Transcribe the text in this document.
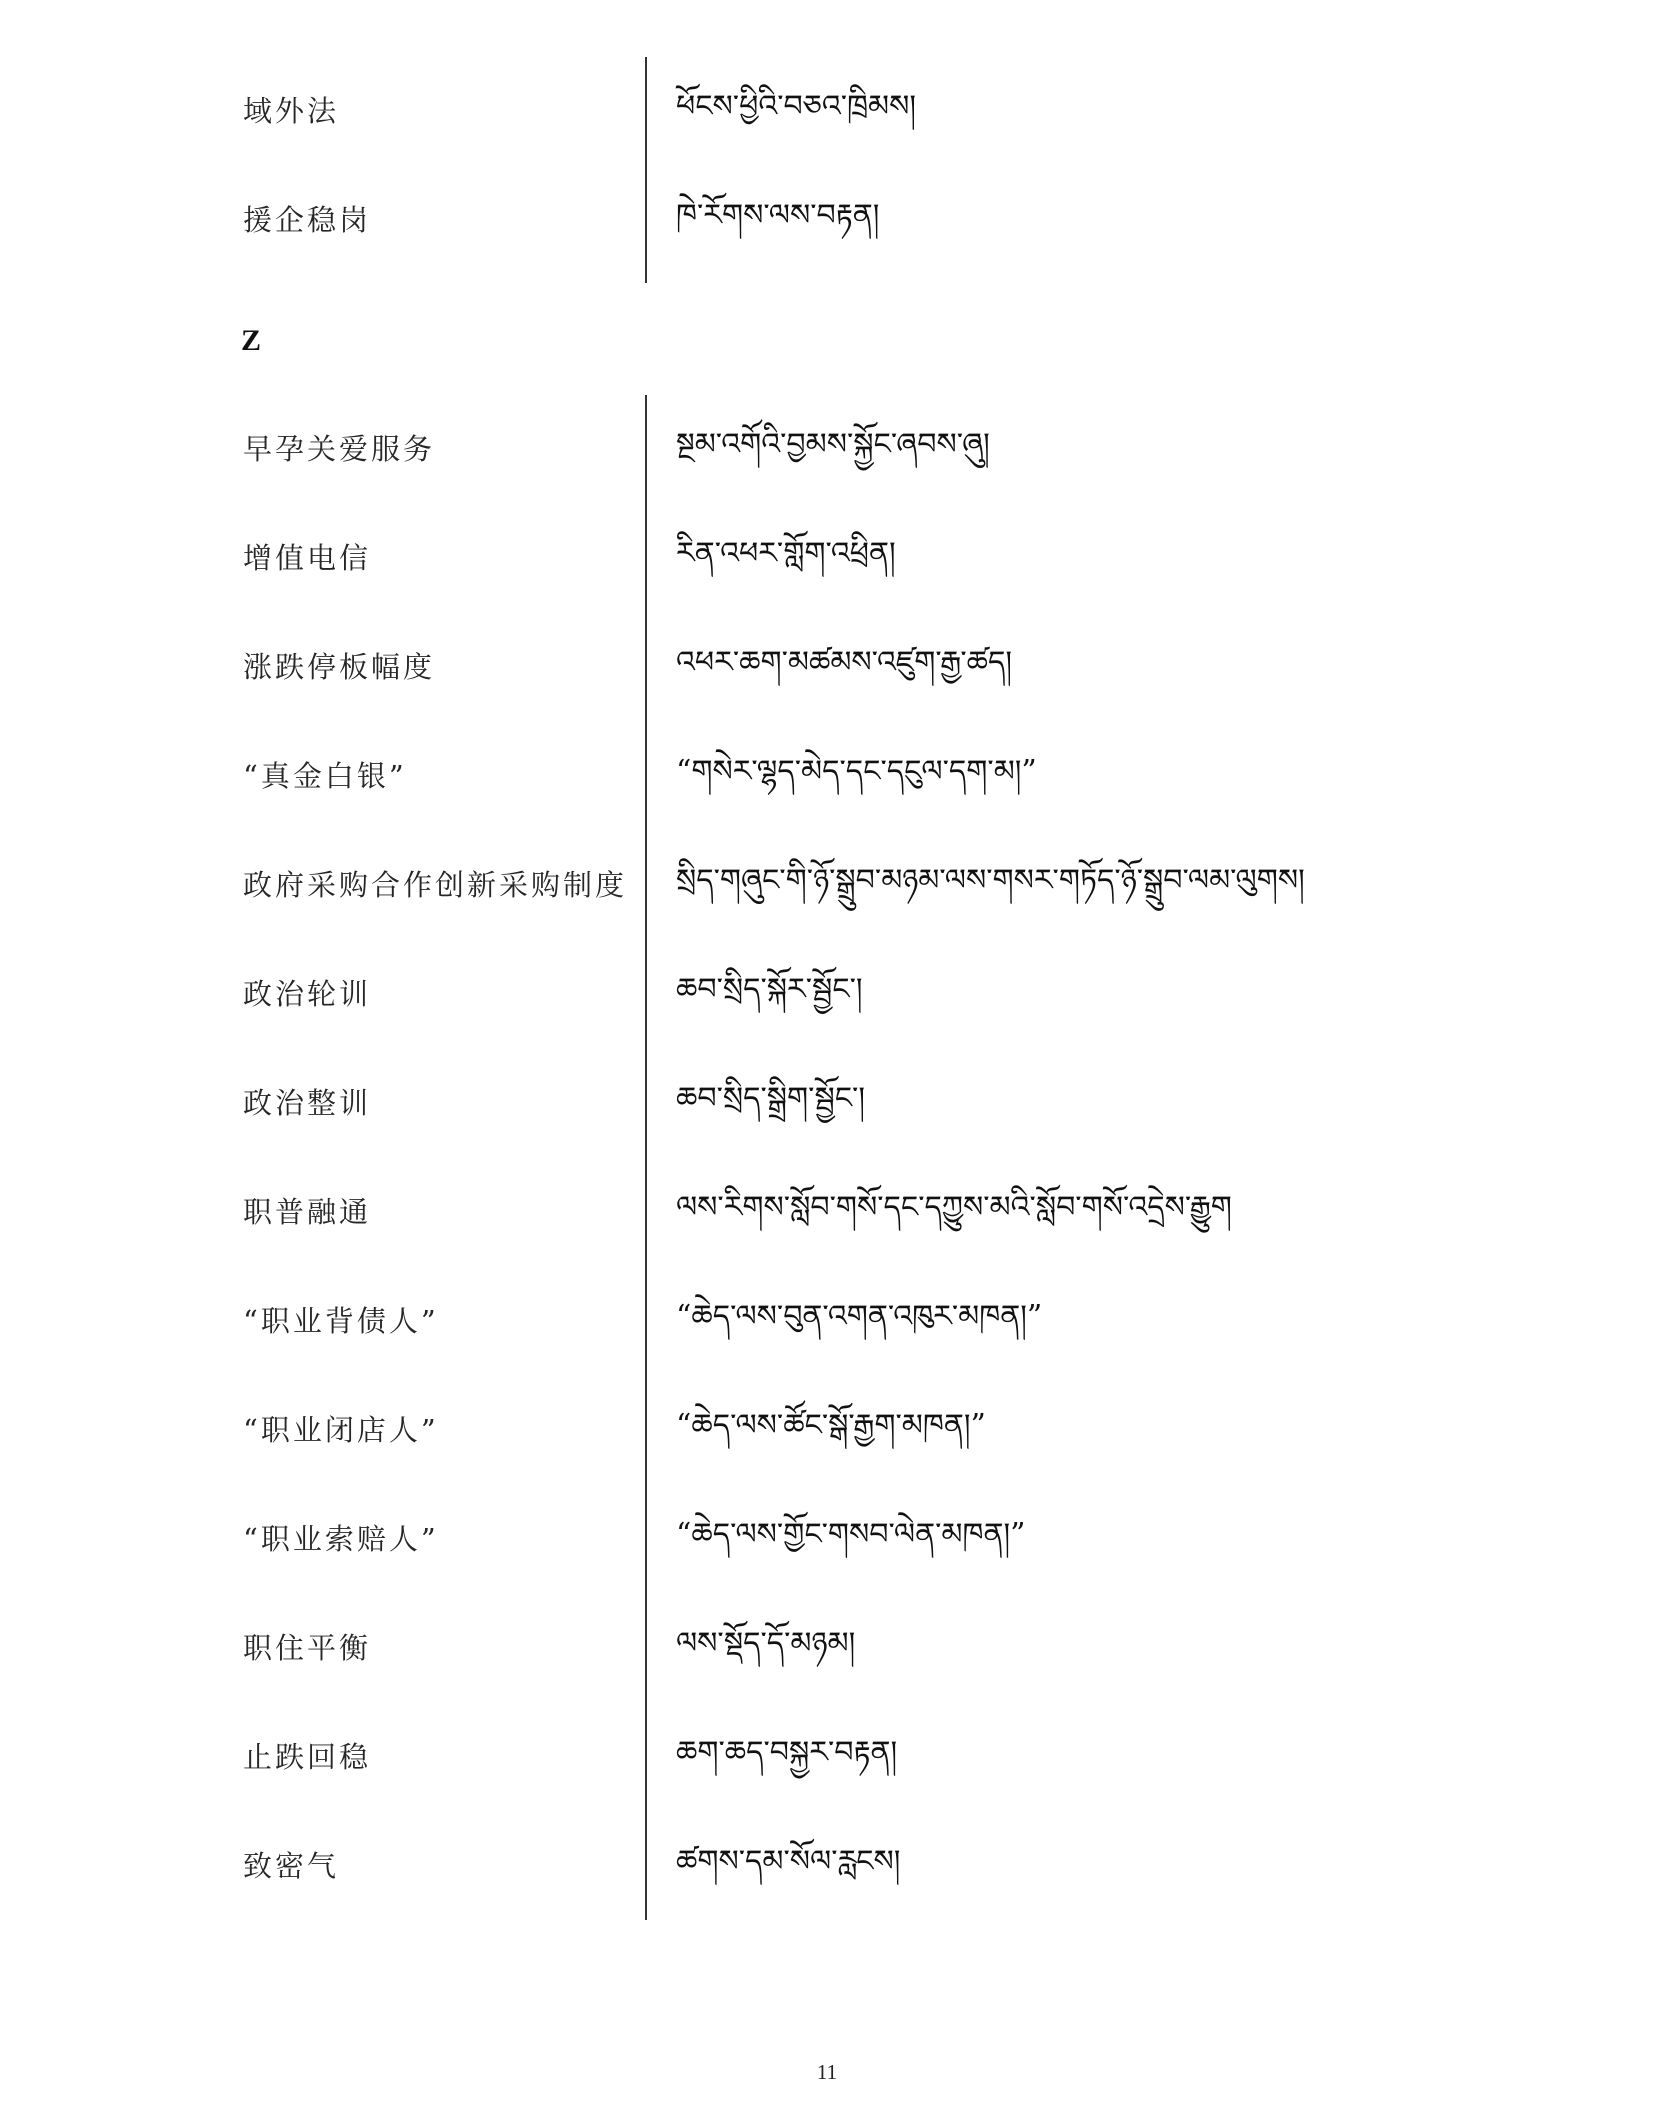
域外法	ཕོངས་ཕྱིའི་བཅའ་ཁྲིམས།
援企稳岗	ཁེ་རོགས་ལས་བརྟན།
Z
早孕关爱服务	སྔམ་འགོའི་བྱམས་སྐྱོང་ཞབས་ཞུ།
增值电信	རིན་འཕར་གློག་འཕྲིན།
涨跌停板幅度	འཕར་ཆག་མཚམས་འཛུག་རྒྱ་ཚད།
“真金白银”	“གསེར་ལྷད་མེད་དང་དངུལ་དག་མ།”
政府采购合作创新采购制度 སྲིད་གཞུང་གི་ཉོ་སྒྲུབ་མཉམ་ལས་གསར་གཏོད་ཉོ་སྒྲུབ་ལམ་ལུགས།
政治轮训	ཆབ་སྲིད་སྐོར་སྦྱོང་།
政治整训	ཆབ་སྲིད་སྒྲིག་སྦྱོང་།
职普融通	ལས་རིགས་སློབ་གསོ་དང་དཀྱུས་མའི་སློབ་གསོ་འདྲེས་རྒྱུག
“职业背债人”	“ཆེད་ལས་བུན་འགན་འཁུར་མཁན།”
“职业闭店人”	“ཆེད་ལས་ཚོང་སྒོ་རྒྱག་མཁན།”
“职业索赔人”	“ཆེད་ལས་གྱོང་གསབ་ལེན་མཁན།”
职住平衡	ལས་སྡོད་དོ་མཉམ།
止跌回稳	ཆག་ཆད་བསྐྱར་བརྟན།
致密气	ཚགས་དམ་སོལ་རླངས།
11
